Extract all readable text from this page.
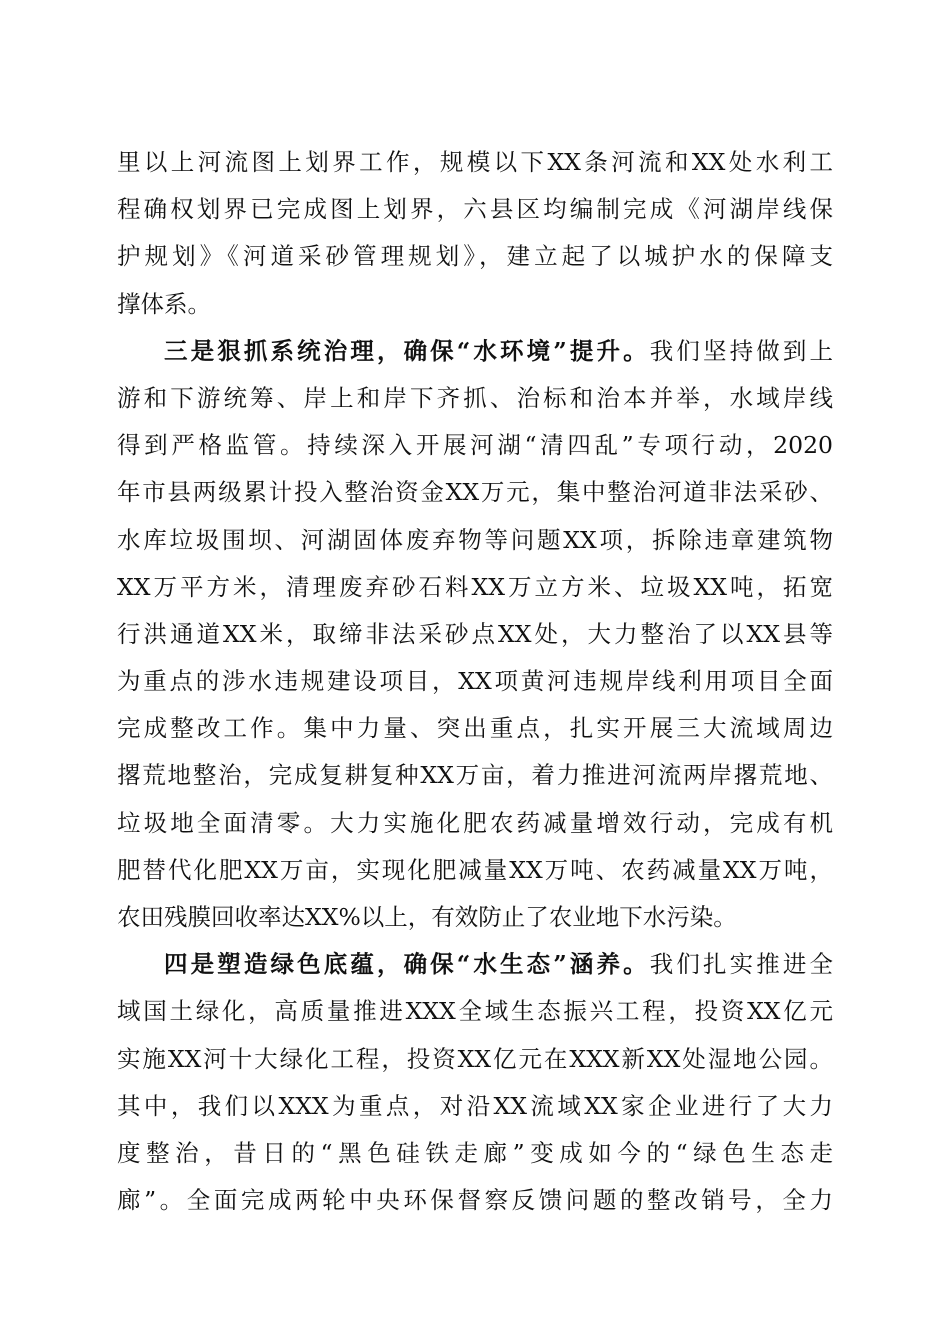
里以上河流图上划界工作，规模以下XX条河流和XX处水利工
程确权划界已完成图上划界，六县区均编制完成《河湖岸线保
护规划》《河道采砂管理规划》，建立起了以城护水的保障支
撑体系。
三是狠抓系统治理，确保“水环境”提升。我们坚持做到上
游和下游统筹、岸上和岸下齐抓、治标和治本并举，水域岸线
得到严格监管。持续深入开展河湖“清四乱”专项行动，2020
年市县两级累计投入整治资金XX万元，集中整治河道非法采砂、
水库垃圾围坝、河湖固体废弃物等问题XX项，拆除违章建筑物
XX万平方米，清理废弃砂石料XX万立方米、垃圾XX吨，拓宽
行洪通道XX米，取缔非法采砂点XX处，大力整治了以XX县等
为重点的涉水违规建设项目，XX项黄河违规岸线利用项目全面
完成整改工作。集中力量、突出重点，扎实开展三大流域周边
撂荒地整治，完成复耕复种XX万亩，着力推进河流两岸撂荒地、
垃圾地全面清零。大力实施化肥农药减量增效行动，完成有机
肥替代化肥XX万亩，实现化肥减量XX万吨、农药减量XX万吨，
农田残膜回收率达XX%以上，有效防止了农业地下水污染。
四是塑造绿色底蕴，确保“水生态”涵养。我们扎实推进全
域国土绿化，高质量推进XXX全域生态振兴工程，投资XX亿元
实施XX河十大绿化工程，投资XX亿元在XXX新XX处湿地公园。
其中，我们以XXX为重点，对沿XX流域XX家企业进行了大力
度整治，昔日的“黑色硅铁走廊”变成如今的“绿色生态走
廊”。全面完成两轮中央环保督察反馈问题的整改销号，全力
